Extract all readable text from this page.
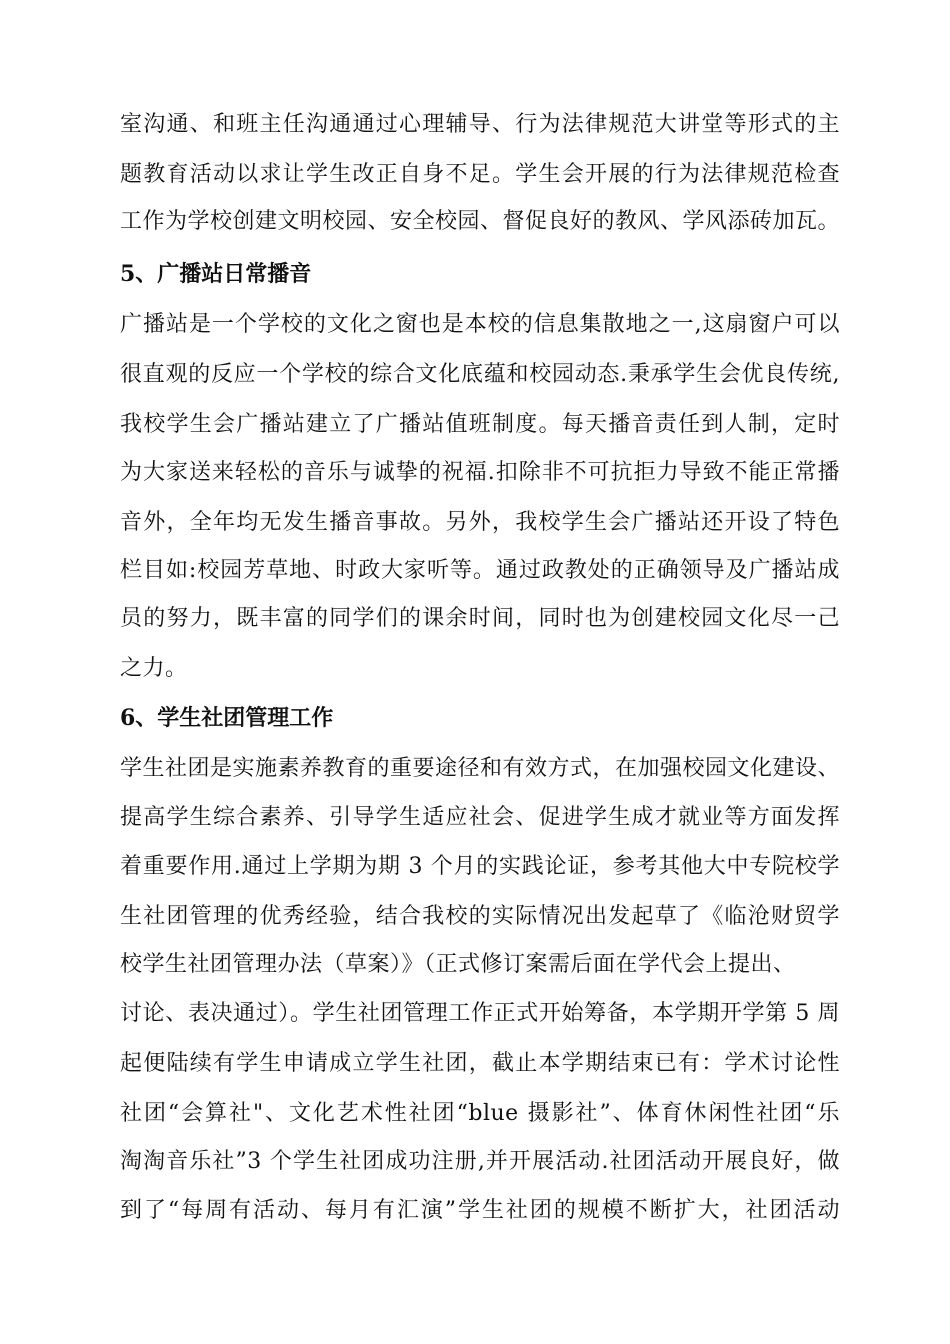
室沟通、和班主任沟通通过心理辅导、行为法律规范大讲堂等形式的主
题教育活动以求让学生改正自身不足。学生会开展的行为法律规范检查
工作为学校创建文明校园、安全校园、督促良好的教风、学风添砖加瓦。
5、广播站日常播音
广播站是一个学校的文化之窗也是本校的信息集散地之一,这扇窗户可以
很直观的反应一个学校的综合文化底蕴和校园动态.秉承学生会优良传统,
我校学生会广播站建立了广播站值班制度。每天播音责任到人制，定时
为大家送来轻松的音乐与诚挚的祝福.扣除非不可抗拒力导致不能正常播
音外，全年均无发生播音事故。另外，我校学生会广播站还开设了特色
栏目如:校园芳草地、时政大家听等。通过政教处的正确领导及广播站成
员的努力，既丰富的同学们的课余时间，同时也为创建校园文化尽一己
之力。
6、学生社团管理工作
学生社团是实施素养教育的重要途径和有效方式，在加强校园文化建设、
提高学生综合素养、引导学生适应社会、促进学生成才就业等方面发挥
着重要作用.通过上学期为期 3 个月的实践论证，参考其他大中专院校学
生社团管理的优秀经验，结合我校的实际情况出发起草了《临沧财贸学
校学生社团管理办法（草案）》（正式修订案需后面在学代会上提出、
讨论、表决通过）。学生社团管理工作正式开始筹备，本学期开学第 5 周
起便陆续有学生申请成立学生社团，截止本学期结束已有：学术讨论性
社团“会算社"、文化艺术性社团“blue 摄影社”、体育休闲性社团“乐
淘淘音乐社”3 个学生社团成功注册,并开展活动.社团活动开展良好，做
到了“每周有活动、每月有汇演”学生社团的规模不断扩大，社团活动
